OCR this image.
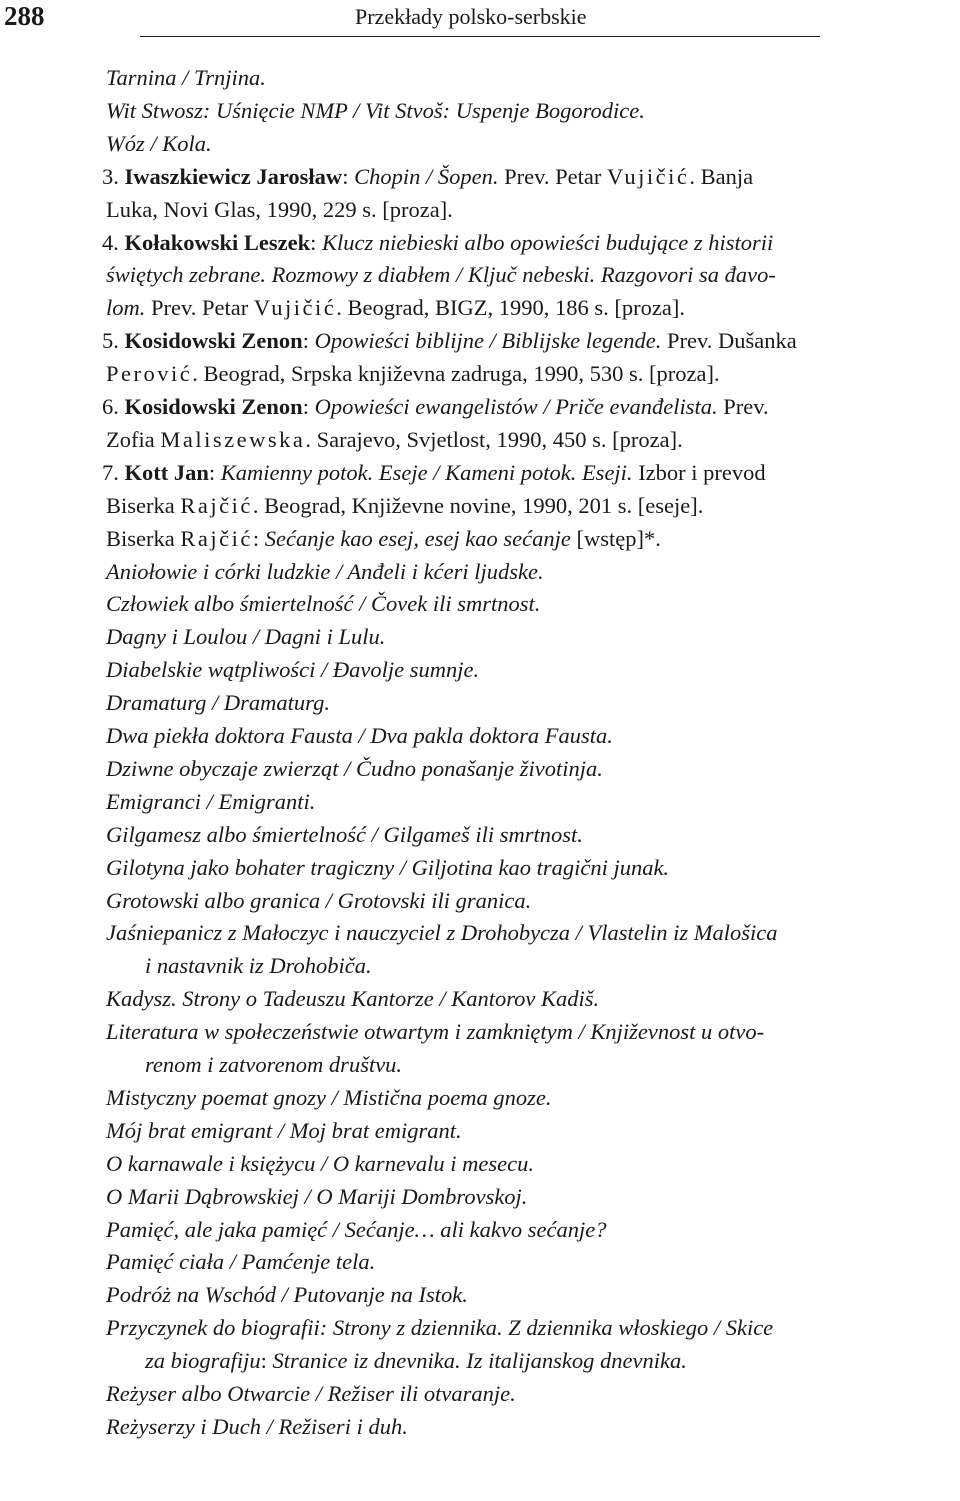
288	Przekłady polsko-serbskie
Tarnina / Trnjina.
Wit Stwosz: Uśnięcie NMP / Vit Stvoš: Uspenje Bogorodice.
Wóz / Kola.
3. Iwaszkiewicz Jarosław: Chopin / Šopen. Prev. Petar Vujičić. Banja
Luka, Novi Glas, 1990, 229 s. [proza].
4. Kołakowski Leszek: Klucz niebieski albo opowieści budujące z historii
świętych zebrane. Rozmowy z diabłem / Ključ nebeski. Razgovori sa đavo-
lom. Prev. Petar Vujičić. Beograd, BIGZ, 1990, 186 s. [proza].
5. Kosidowski Zenon: Opowieści biblijne / Biblijske legende. Prev. Dušanka
Perović. Beograd, Srpska književna zadruga, 1990, 530 s. [proza].
6. Kosidowski Zenon: Opowieści ewangelistów / Priče evanđelista. Prev.
Zofia Maliszewska. Sarajevo, Svjetlost, 1990, 450 s. [proza].
7. Kott Jan: Kamienny potok. Eseje / Kameni potok. Eseji. Izbor i prevod
Biserka Rajčić. Beograd, Književne novine, 1990, 201 s. [eseje].
Biserka Rajčić: Sećanje kao esej, esej kao sećanje [wstęp]*.
Aniołowie i córki ludzkie / Anđeli i kćeri ljudske.
Człowiek albo śmiertelność / Čovek ili smrtnost.
Dagny i Loulou / Dagni i Lulu.
Diabelskie wątpliwości / Đavolje sumnje.
Dramaturg / Dramaturg.
Dwa piekła doktora Fausta / Dva pakla doktora Fausta.
Dziwne obyczaje zwierząt / Čudno ponašanje životinja.
Emigranci / Emigranti.
Gilgamesz albo śmiertelność / Gilgameš ili smrtnost.
Gilotyna jako bohater tragiczny / Giljotina kao tragični junak.
Grotowski albo granica / Grotovski ili granica.
Jaśniepanicz z Małoczyc i nauczyciel z Drohobycza / Vlastelin iz Malošica
i nastavnik iz Drohobiča.
Kadysz. Strony o Tadeuszu Kantorze / Kantorov Kadiš.
Literatura w społeczeństwie otwartym i zamkniętym / Književnost u otvo-
renom i zatvorenom društvu.
Mistyczny poemat gnozy / Mistična poema gnoze.
Mój brat emigrant / Moj brat emigrant.
O karnawale i księżycu / O karnevalu i mesecu.
O Marii Dąbrowskiej / O Mariji Dombrovskoj.
Pamięć, ale jaka pamięć / Sećanje… ali kakvo sećanje?
Pamięć ciała / Pamćenje tela.
Podróż na Wschód / Putovanje na Istok.
Przyczynek do biografii: Strony z dziennika. Z dziennika włoskiego / Skice
za biografiju: Stranice iz dnevnika. Iz italijanskog dnevnika.
Reżyser albo Otwarcie / Režiser ili otvaranje.
Reżyserzy i Duch / Režiseri i duh.
